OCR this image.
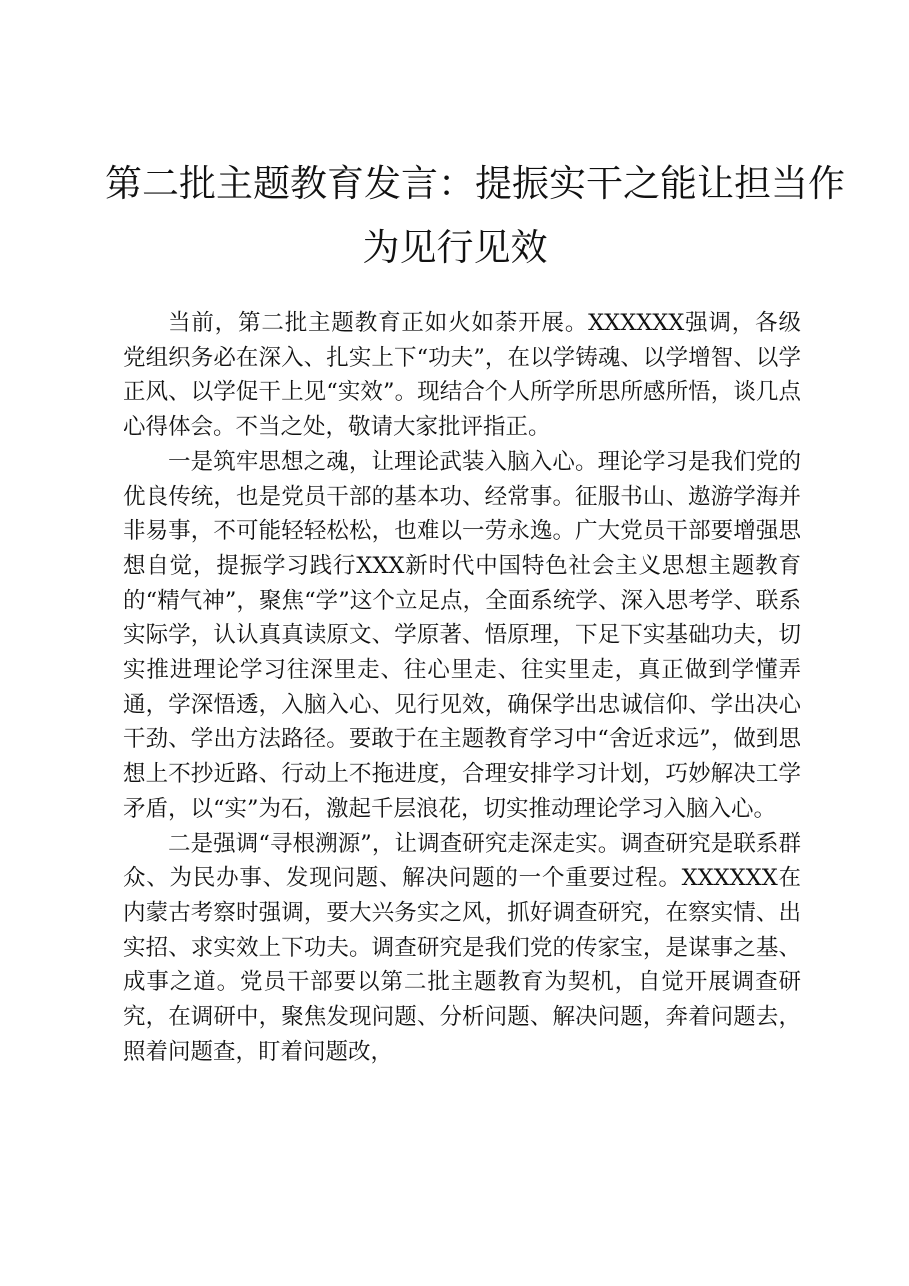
第二批主题教育发言：提振实干之能让担当作
为见行见效

当前，第二批主题教育正如火如荼开展。XXXXXX强调，各级党组织务必在深入、扎实上下“功夫”，在以学铸魂、以学增智、以学正风、以学促干上见“实效”。现结合个人所学所思所感所悟，谈几点心得体会。不当之处，敬请大家批评指正。

一是筑牢思想之魂，让理论武装入脑入心。理论学习是我们党的优良传统，也是党员干部的基本功、经常事。征服书山、遨游学海并非易事，不可能轻轻松松，也难以一劳永逸。广大党员干部要增强思想自觉，提振学习践行XXX新时代中国特色社会主义思想主题教育的“精气神”，聚焦“学”这个立足点，全面系统学、深入思考学、联系实际学，认认真真读原文、学原著、悟原理，下足下实基础功夫，切实推进理论学习往深里走、往心里走、往实里走，真正做到学懂弄通，学深悟透，入脑入心、见行见效，确保学出忠诚信仰、学出决心干劲、学出方法路径。要敢于在主题教育学习中“舍近求远”，做到思想上不抄近路、行动上不拖进度，合理安排学习计划，巧妙解决工学矛盾，以“实”为石，激起千层浪花，切实推动理论学习入脑入心。

二是强调“寻根溯源”，让调查研究走深走实。调查研究是联系群众、为民办事、发现问题、解决问题的一个重要过程。XXXXXX在内蒙古考察时强调，要大兴务实之风，抓好调查研究，在察实情、出实招、求实效上下功夫。调查研究是我们党的传家宝，是谋事之基、成事之道。党员干部要以第二批主题教育为契机，自觉开展调查研究，在调研中，聚焦发现问题、分析问题、解决问题，奔着问题去，照着问题查，盯着问题改，
